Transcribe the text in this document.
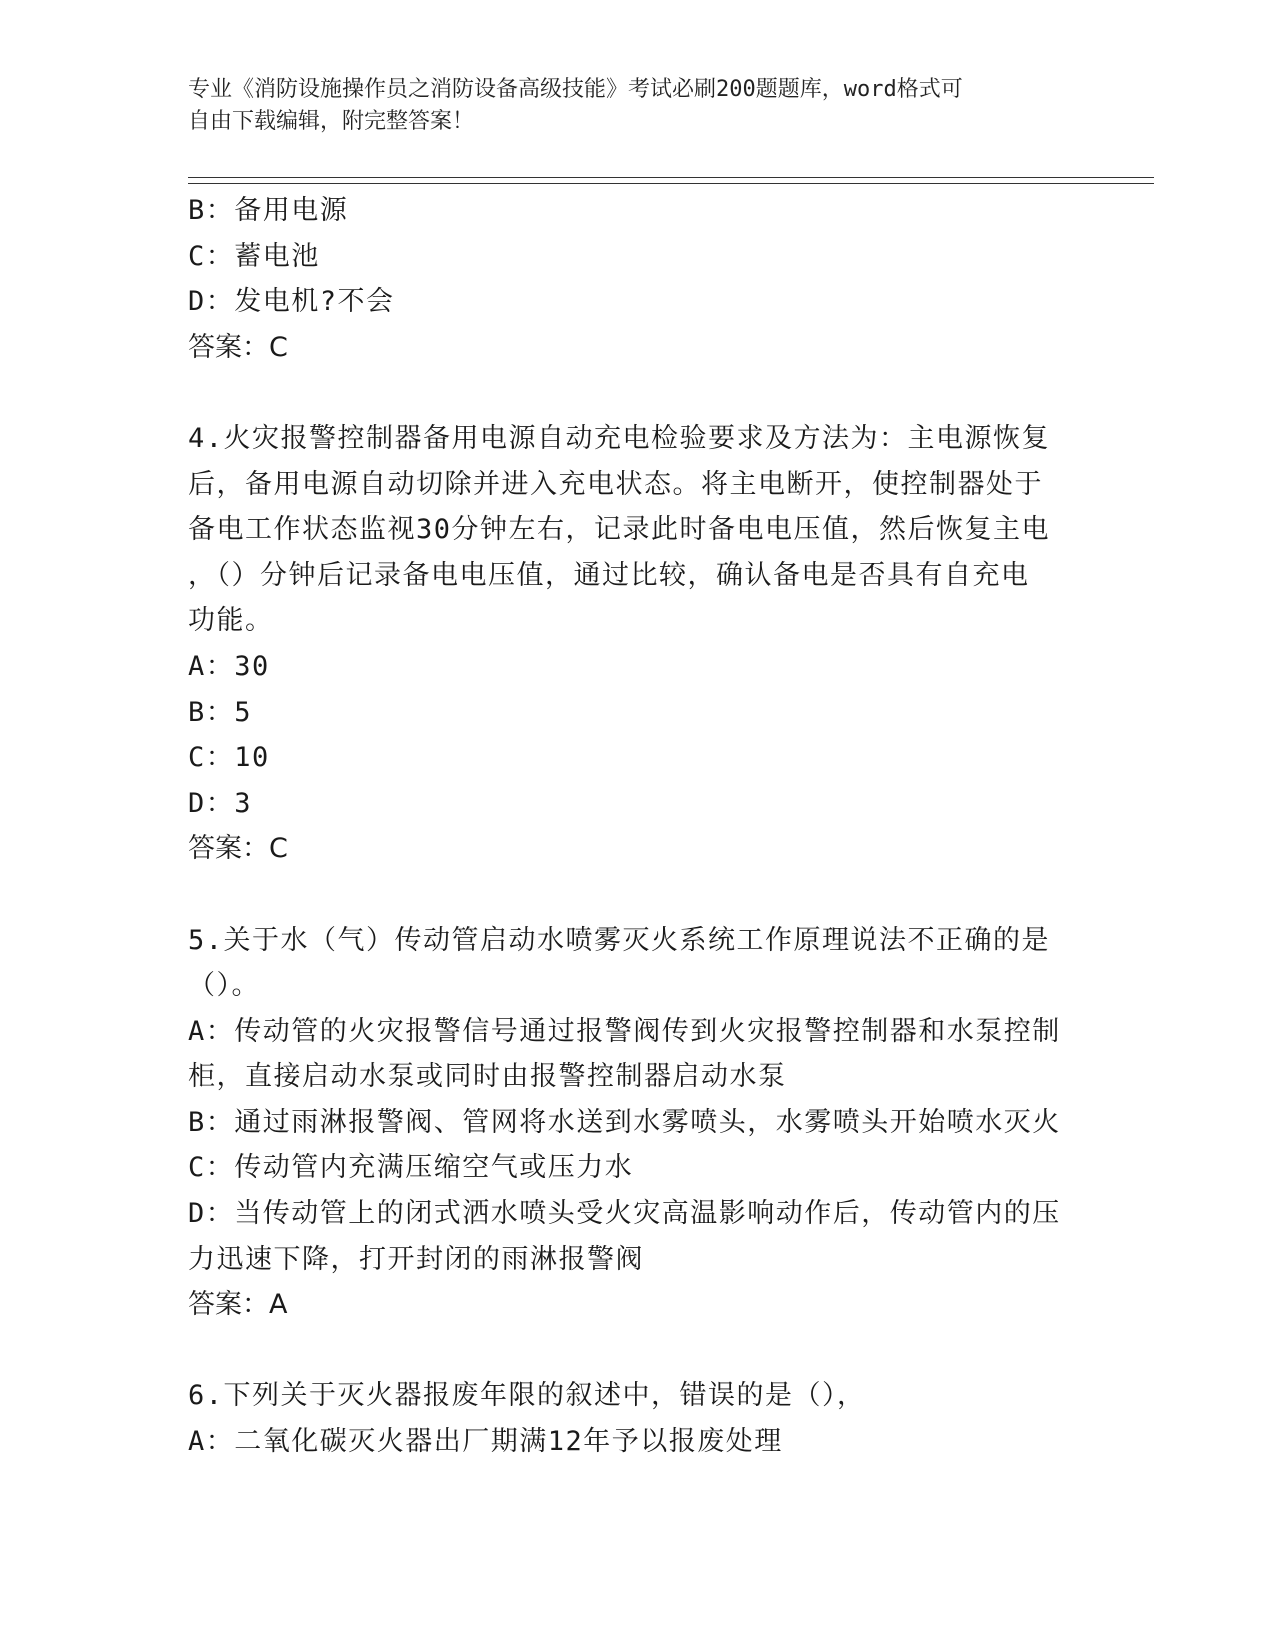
专业《消防设施操作员之消防设备高级技能》考试必刷200题题库，word格式可
自由下载编辑，附完整答案！
B：备用电源
C：蓄电池
D：发电机?不会
答案：C
4.火灾报警控制器备用电源自动充电检验要求及方法为：主电源恢复
后，备用电源自动切除并进入充电状态。将主电断开，使控制器处于
备电工作状态监视30分钟左右，记录此时备电电压值，然后恢复主电
，（）分钟后记录备电电压值，通过比较，确认备电是否具有自充电
功能。
A：30
B：5
C：10
D：3
答案：C
5.关于水（气）传动管启动水喷雾灭火系统工作原理说法不正确的是
（）。
A：传动管的火灾报警信号通过报警阀传到火灾报警控制器和水泵控制
柜，直接启动水泵或同时由报警控制器启动水泵
B：通过雨淋报警阀、管网将水送到水雾喷头，水雾喷头开始喷水灭火
C：传动管内充满压缩空气或压力水
D：当传动管上的闭式洒水喷头受火灾高温影响动作后，传动管内的压
力迅速下降，打开封闭的雨淋报警阀
答案：A
6.下列关于灭火器报废年限的叙述中，错误的是（），
A：二氧化碳灭火器出厂期满12年予以报废处理
